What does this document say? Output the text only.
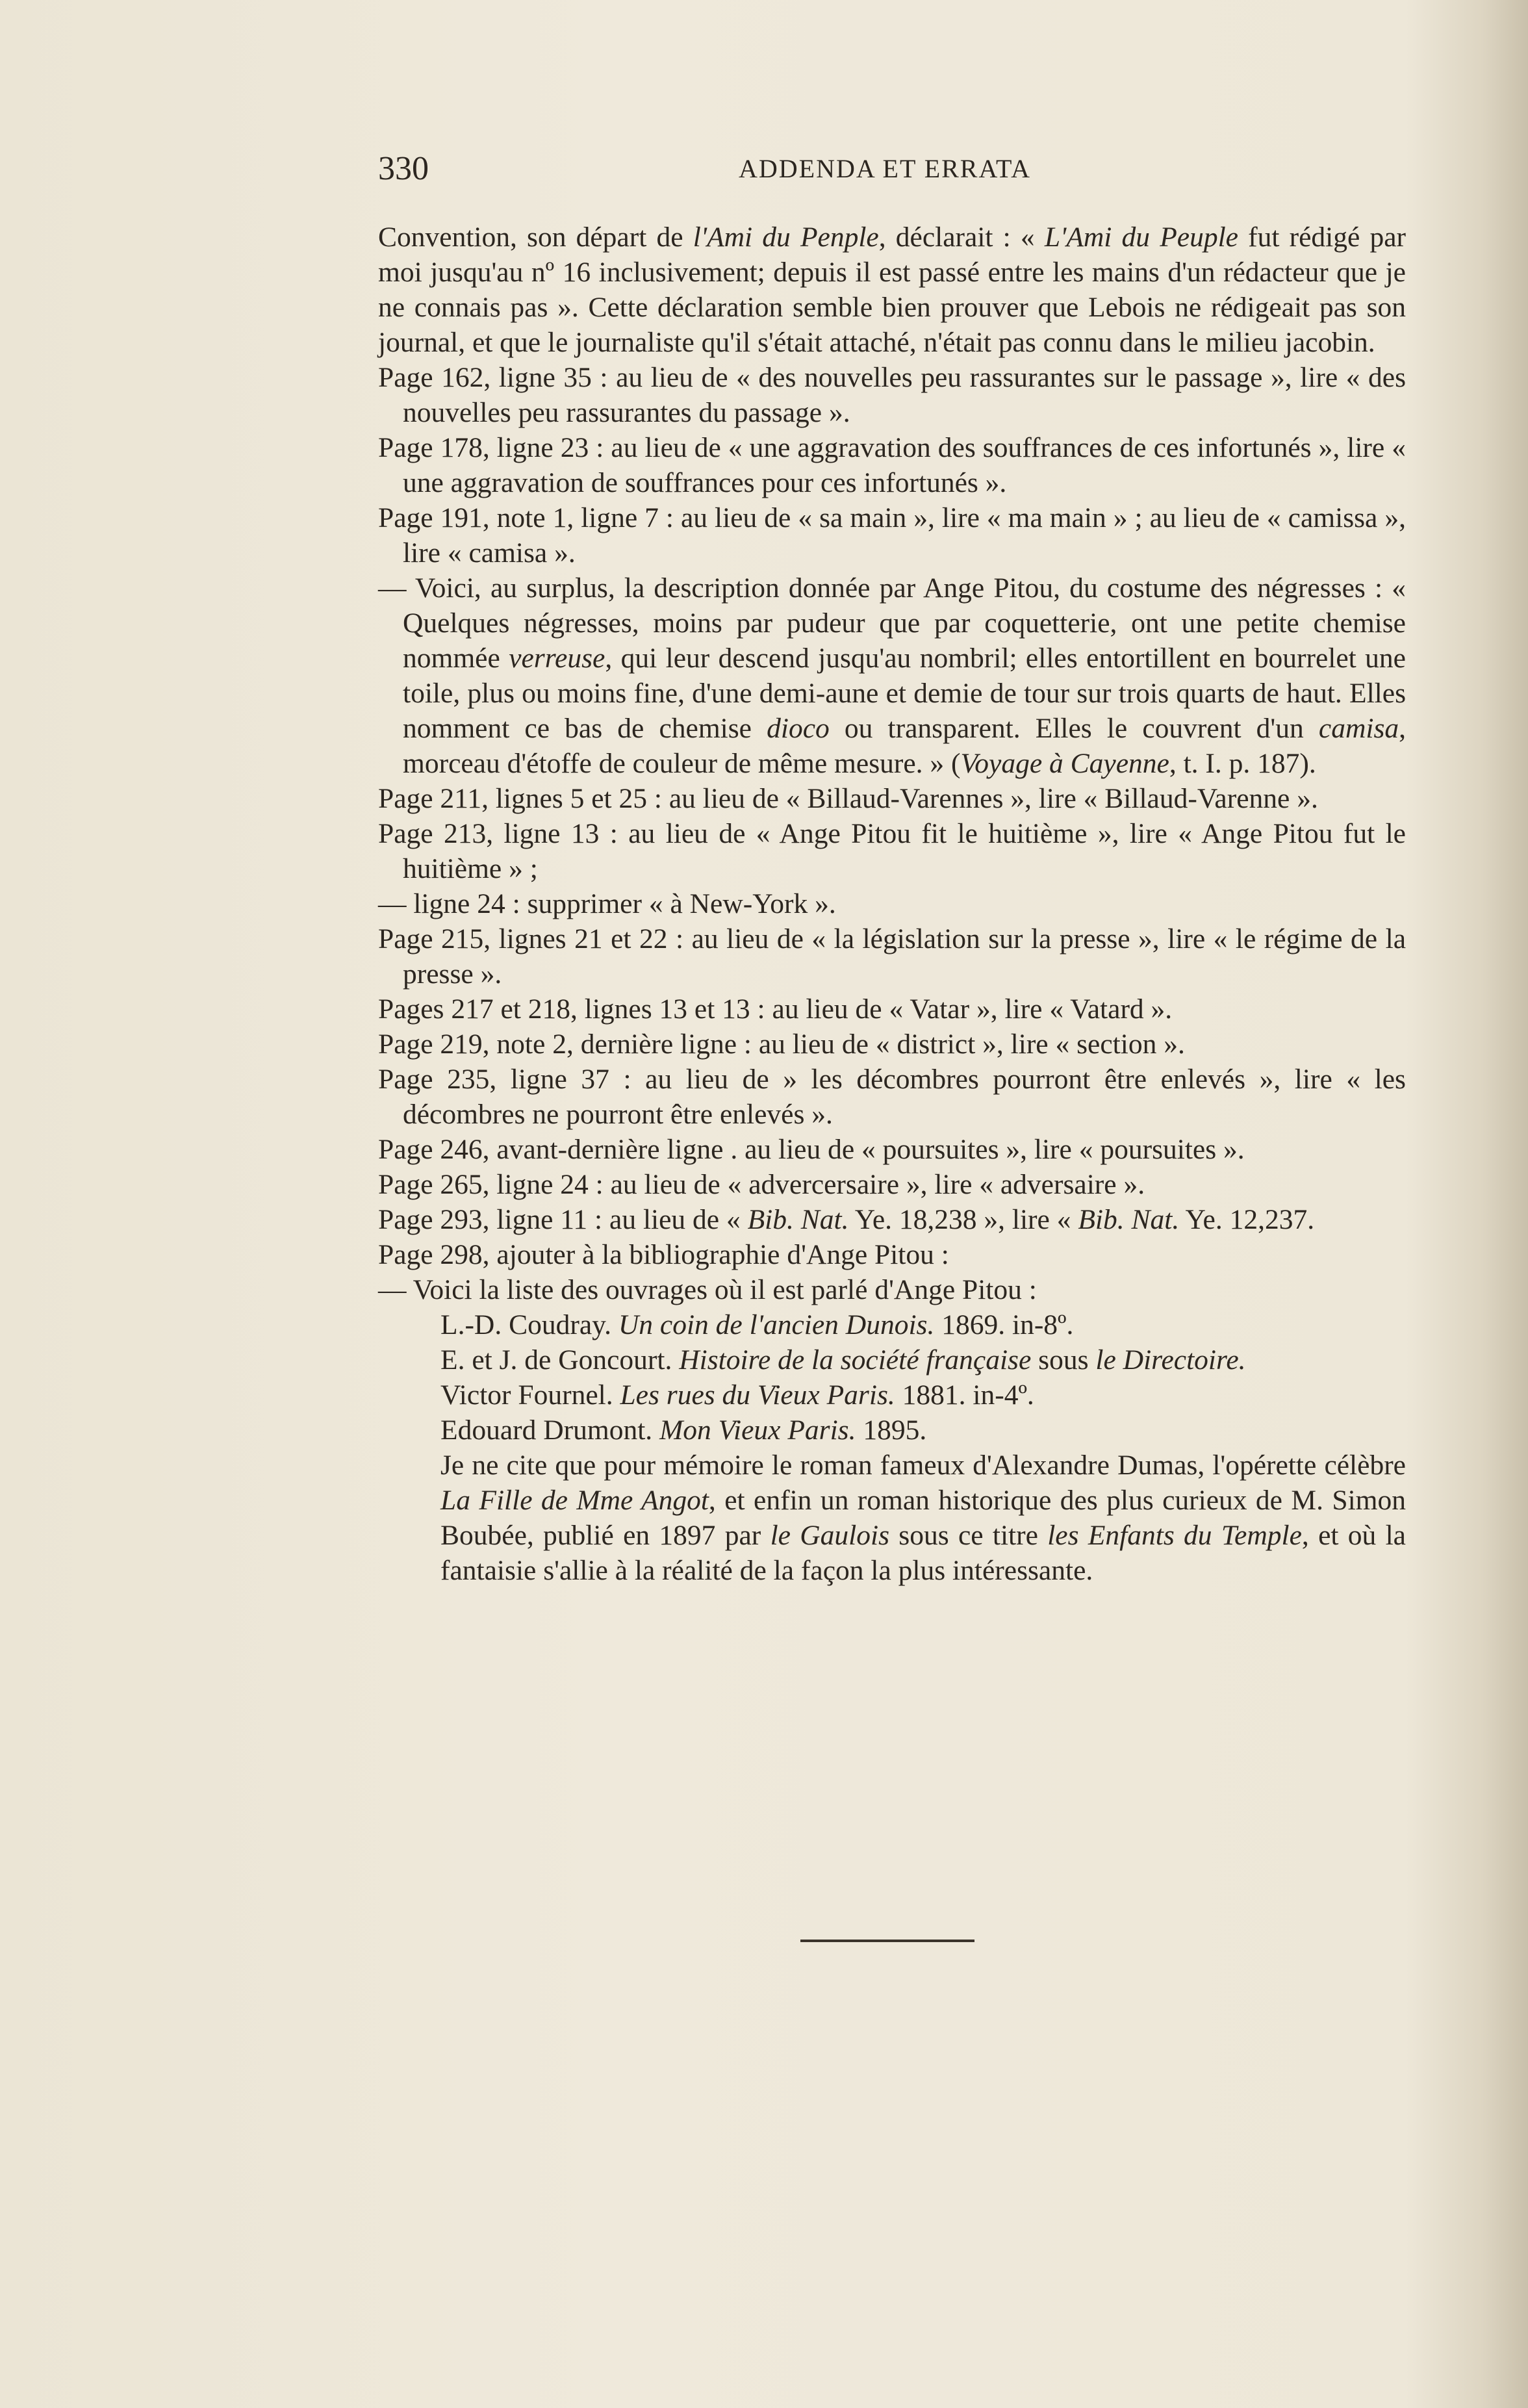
330	ADDENDA ET ERRATA

Convention, son départ de l'Ami du Penple, déclarait : « L'Ami du Peuple fut rédigé par moi jusqu'au nº 16 inclusivement; depuis il est passé entre les mains d'un rédacteur que je ne connais pas ». Cette déclaration semble bien prouver que Lebois ne rédigeait pas son journal, et que le journaliste qu'il s'était attaché, n'était pas connu dans le milieu jacobin.

Page 162, ligne 35 : au lieu de « des nouvelles peu rassurantes sur le passage », lire « des nouvelles peu rassurantes du passage ».

Page 178, ligne 23 : au lieu de « une aggravation des souffrances de ces infortunés », lire « une aggravation de souffrances pour ces infortunés ».

Page 191, note 1, ligne 7 : au lieu de « sa main », lire « ma main » ; au lieu de « camissa », lire « camisa ».

— Voici, au surplus, la description donnée par Ange Pitou, du costume des négresses : « Quelques négresses, moins par pudeur que par coquetterie, ont une petite chemise nommée verreuse, qui leur descend jusqu'au nombril; elles entortillent en bourrelet une toile, plus ou moins fine, d'une demi-aune et demie de tour sur trois quarts de haut. Elles nomment ce bas de chemise dioco ou transparent. Elles le couvrent d'un camisa, morceau d'étoffe de couleur de même mesure. » (Voyage à Cayenne, t. I. p. 187).

Page 211, lignes 5 et 25 : au lieu de « Billaud-Varennes », lire « Billaud-Varenne ».

Page 213, ligne 13 : au lieu de « Ange Pitou fit le huitième », lire « Ange Pitou fut le huitième » ;

— ligne 24 : supprimer « à New-York ».

Page 215, lignes 21 et 22 : au lieu de « la législation sur la presse », lire « le régime de la presse ».

Pages 217 et 218, lignes 13 et 13 : au lieu de « Vatar », lire « Vatard ».

Page 219, note 2, dernière ligne : au lieu de « district », lire « section ».

Page 235, ligne 37 : au lieu de » les décombres pourront être enlevés », lire « les décombres ne pourront être enlevés ».

Page 246, avant-dernière ligne . au lieu de « poursuites », lire « poursuites ».

Page 265, ligne 24 : au lieu de « advercersaire », lire « adversaire ».

Page 293, ligne 11 : au lieu de « Bib. Nat. Ye. 18,238 », lire « Bib. Nat. Ye. 12,237.

Page 298, ajouter à la bibliographie d'Ange Pitou :

— Voici la liste des ouvrages où il est parlé d'Ange Pitou :

L.-D. Coudray. Un coin de l'ancien Dunois. 1869. in-8º.

E. et J. de Goncourt. Histoire de la société française sous le Directoire.

Victor Fournel. Les rues du Vieux Paris. 1881. in-4º.

Edouard Drumont. Mon Vieux Paris. 1895.

Je ne cite que pour mémoire le roman fameux d'Alexandre Dumas, l'opérette célèbre La Fille de Mme Angot, et enfin un roman historique des plus curieux de M. Simon Boubée, publié en 1897 par le Gaulois sous ce titre les Enfants du Temple, et où la fantaisie s'allie à la réalité de la façon la plus intéressante.
